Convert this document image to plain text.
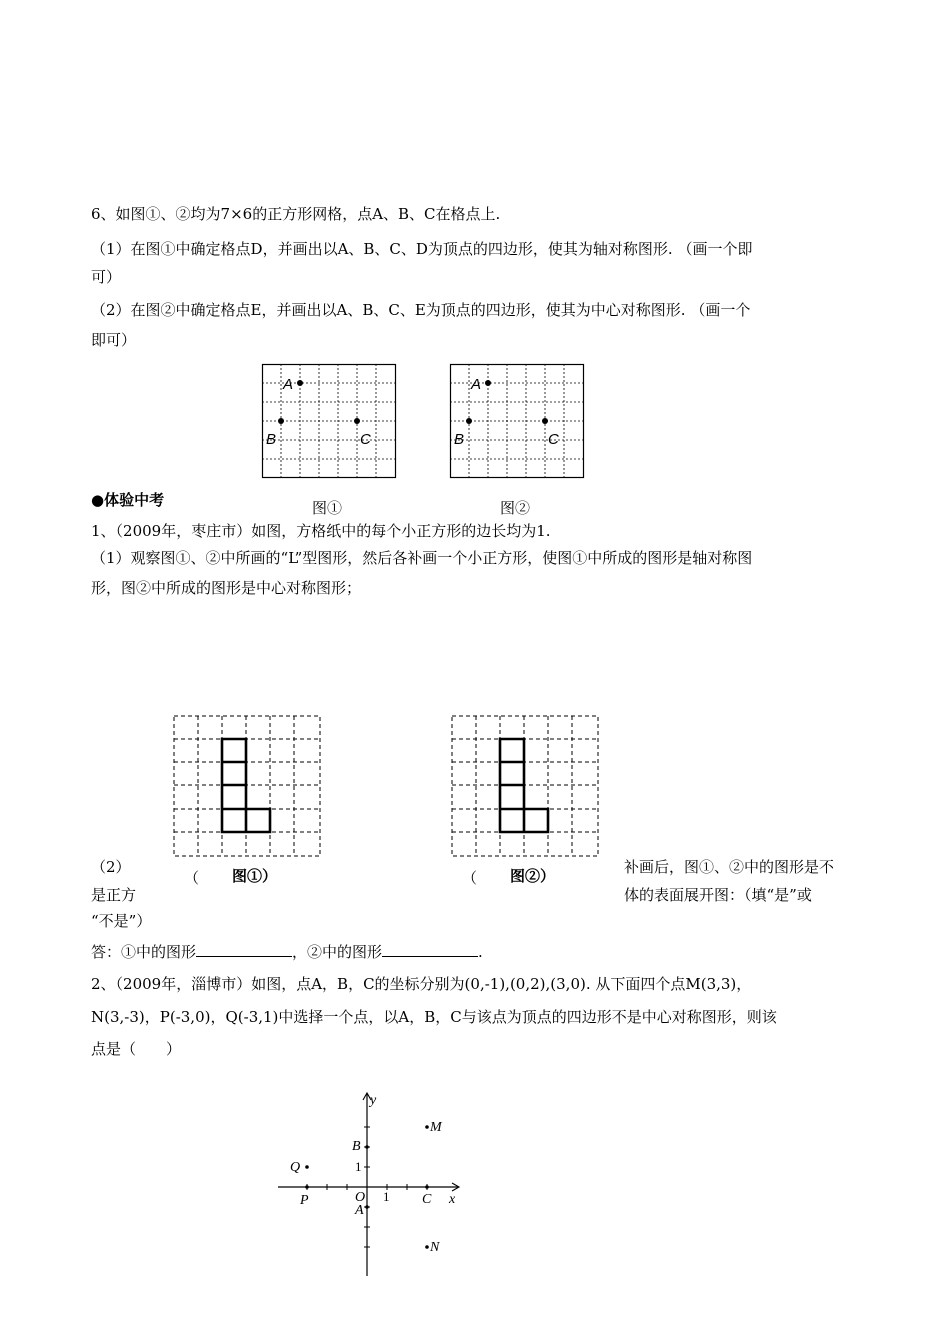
6、如图①、②均为7×6的正方形网格，点A、B、C在格点上.
（1）在图①中确定格点D，并画出以A、B、C、D为顶点的四边形，使其为轴对称图形. （画一个即
可）
（2）在图②中确定格点E，并画出以A、B、C、E为顶点的四边形，使其为中心对称图形. （画一个
即可）
A
B	C
图①
A
B	C
图②
●体验中考
1、（2009年，枣庄市）如图，方格纸中的每个小正方形的边长均为1.
（1）观察图①、②中所画的“L”型图形，然后各补画一个小正方形，使图①中所成的图形是轴对称图
形，图②中所成的图形是中心对称图形；
（ 图①）	（ 图②）
（2）	补画后，图①、②中的图形是不
是正方	体的表面展开图：（填“是”或
“不是”）
答：①中的图形	，②中的图形	.
2、（2009年，淄博市）如图，点A，B，C的坐标分别为(0,-1),(0,2),(3,0). 从下面四个点M(3,3)，
N(3,-3)，P(-3,0)，Q(-3,1)中选择一个点，以A，B，C与该点为顶点的四边形不是中心对称图形，则该
点是（　　）
y
x
M
N
P
Q
B
A
C
O 1
1
